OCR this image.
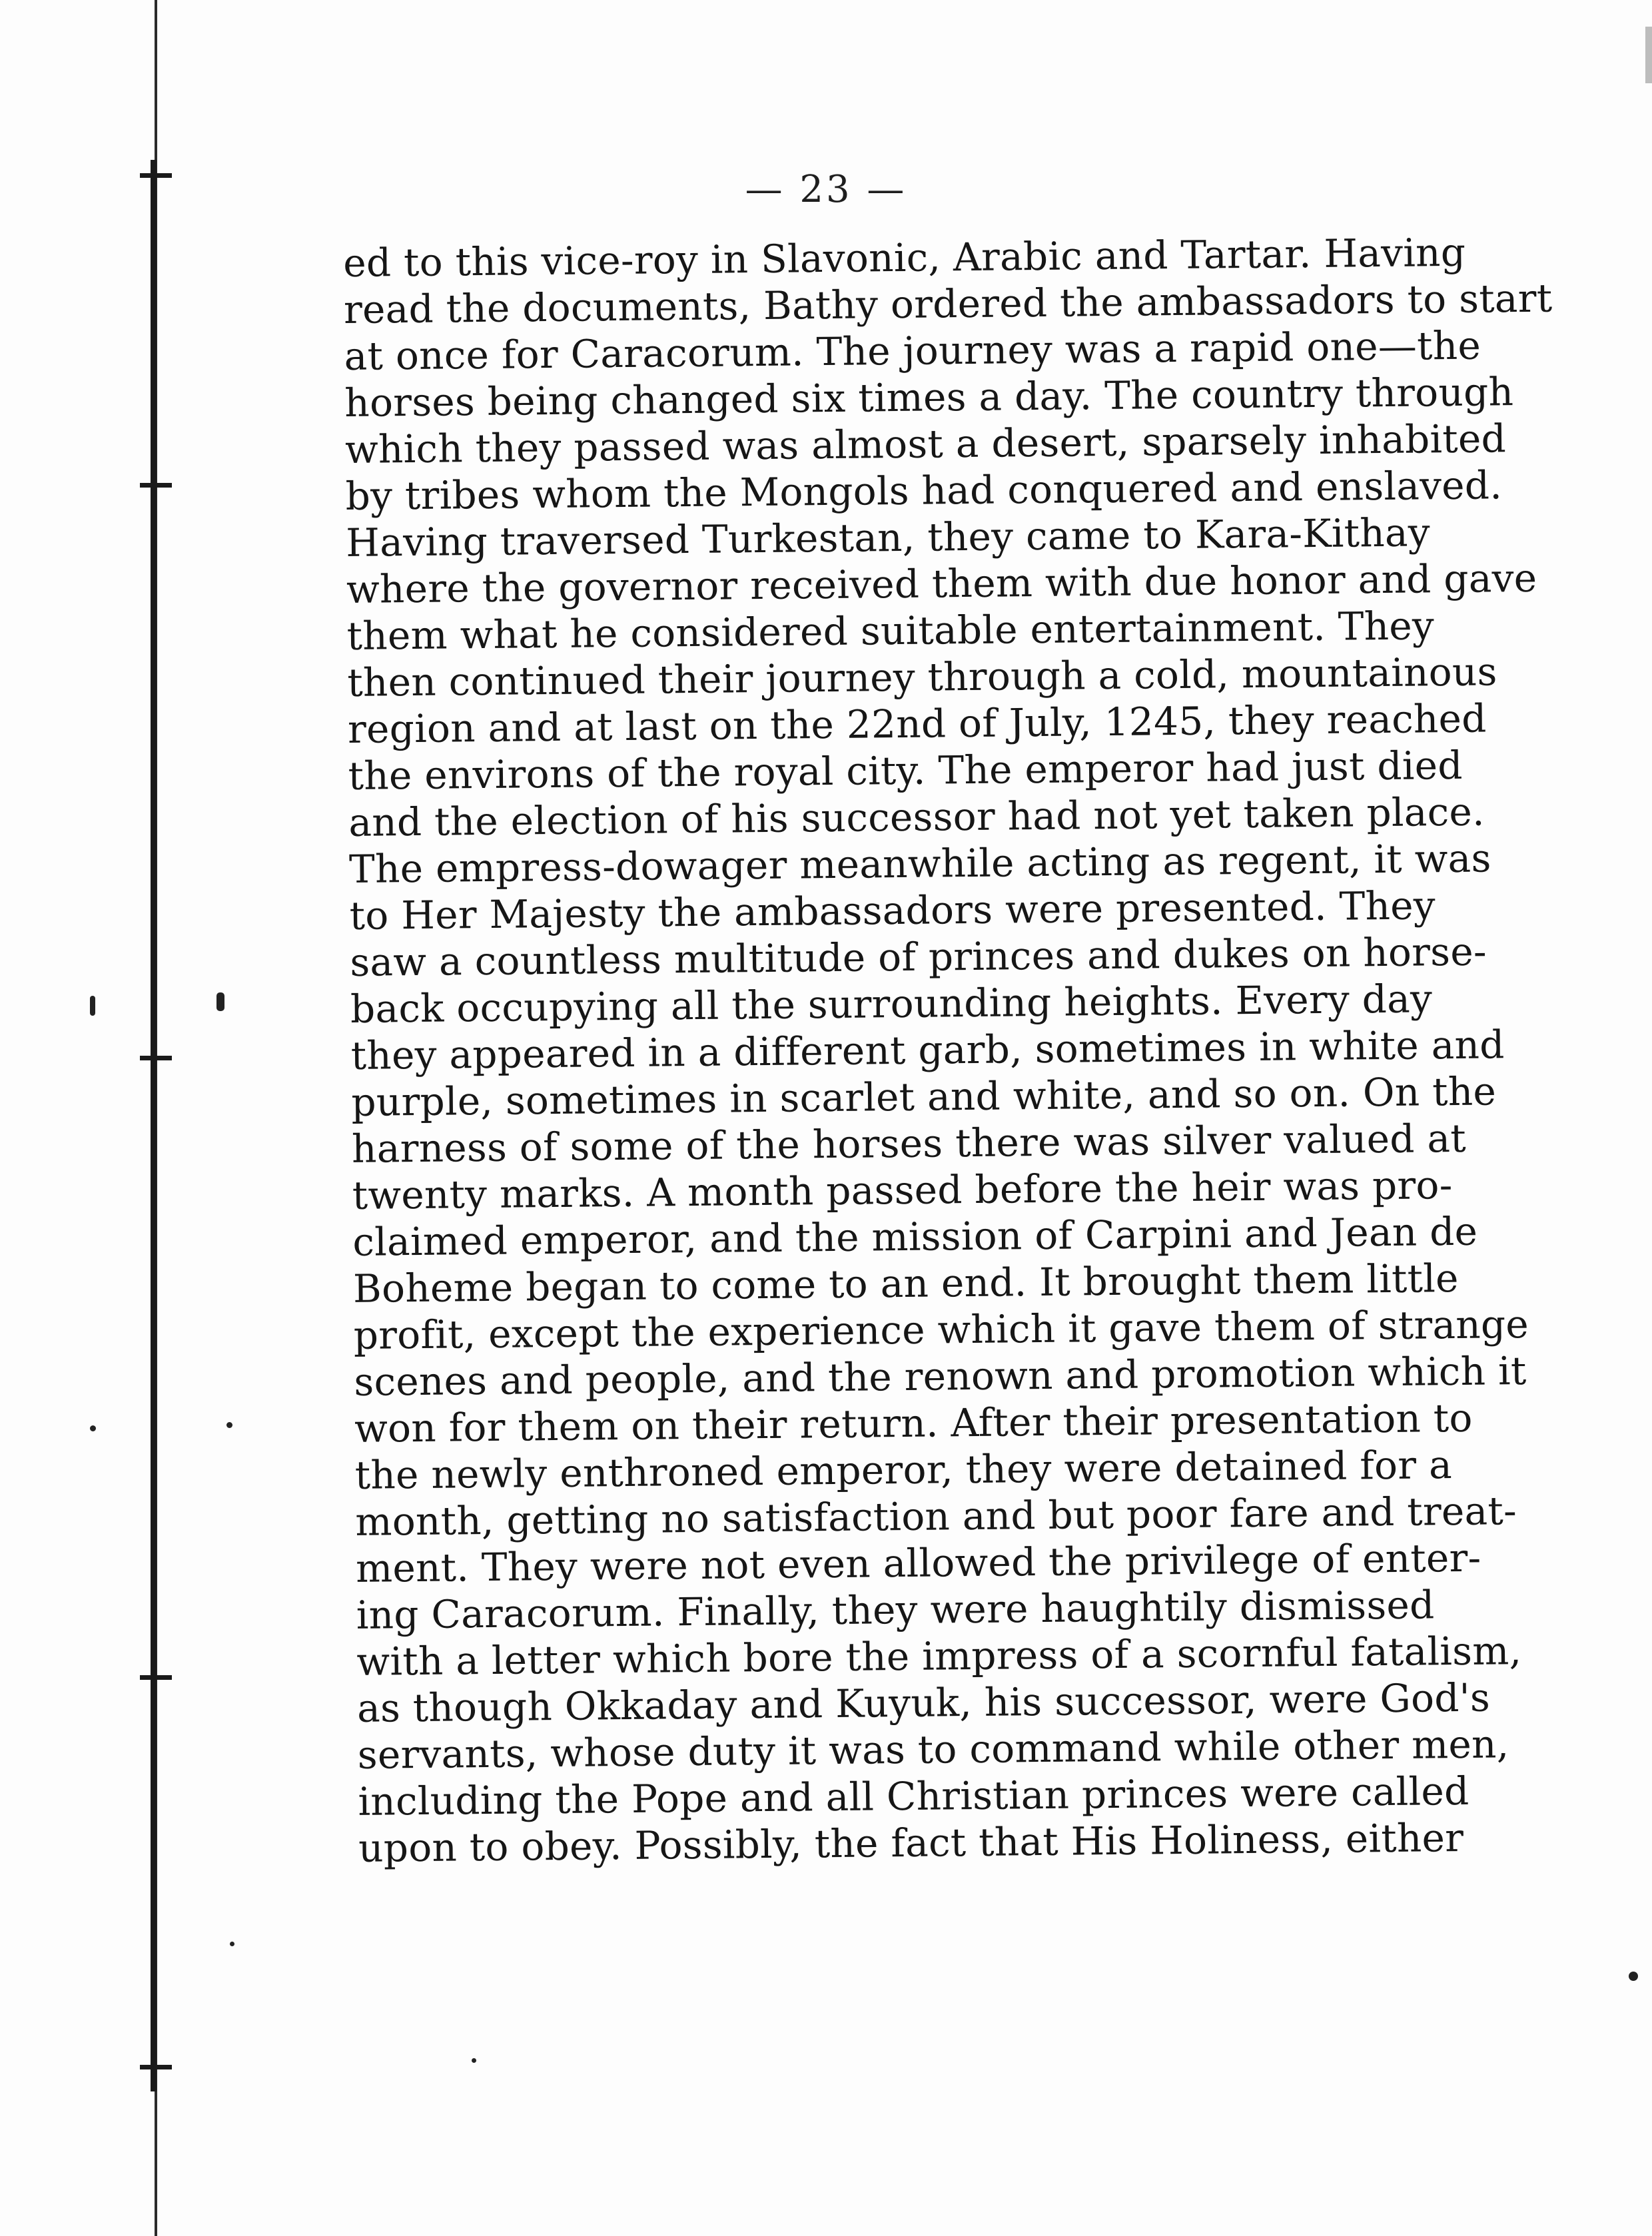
— 23 —
ed to this vice-roy in Slavonic, Arabic and Tartar. Having
read the documents, Bathy ordered the ambassadors to start
at once for Caracorum. The journey was a rapid one—the
horses being changed six times a day. The country through
which they passed was almost a desert, sparsely inhabited
by tribes whom the Mongols had conquered and enslaved.
Having traversed Turkestan, they came to Kara-Kithay
where the governor received them with due honor and gave
them what he considered suitable entertainment. They
then continued their journey through a cold, mountainous
region and at last on the 22nd of July, 1245, they reached
the environs of the royal city. The emperor had just died
and the election of his successor had not yet taken place.
The empress-dowager meanwhile acting as regent, it was
to Her Majesty the ambassadors were presented. They
saw a countless multitude of princes and dukes on horse-
back occupying all the surrounding heights. Every day
they appeared in a different garb, sometimes in white and
purple, sometimes in scarlet and white, and so on. On the
harness of some of the horses there was silver valued at
twenty marks. A month passed before the heir was pro-
claimed emperor, and the mission of Carpini and Jean de
Boheme began to come to an end. It brought them little
profit, except the experience which it gave them of strange
scenes and people, and the renown and promotion which it
won for them on their return. After their presentation to
the newly enthroned emperor, they were detained for a
month, getting no satisfaction and but poor fare and treat-
ment. They were not even allowed the privilege of enter-
ing Caracorum. Finally, they were haughtily dismissed
with a letter which bore the impress of a scornful fatalism,
as though Okkaday and Kuyuk, his successor, were God's
servants, whose duty it was to command while other men,
including the Pope and all Christian princes were called
upon to obey. Possibly, the fact that His Holiness, either
